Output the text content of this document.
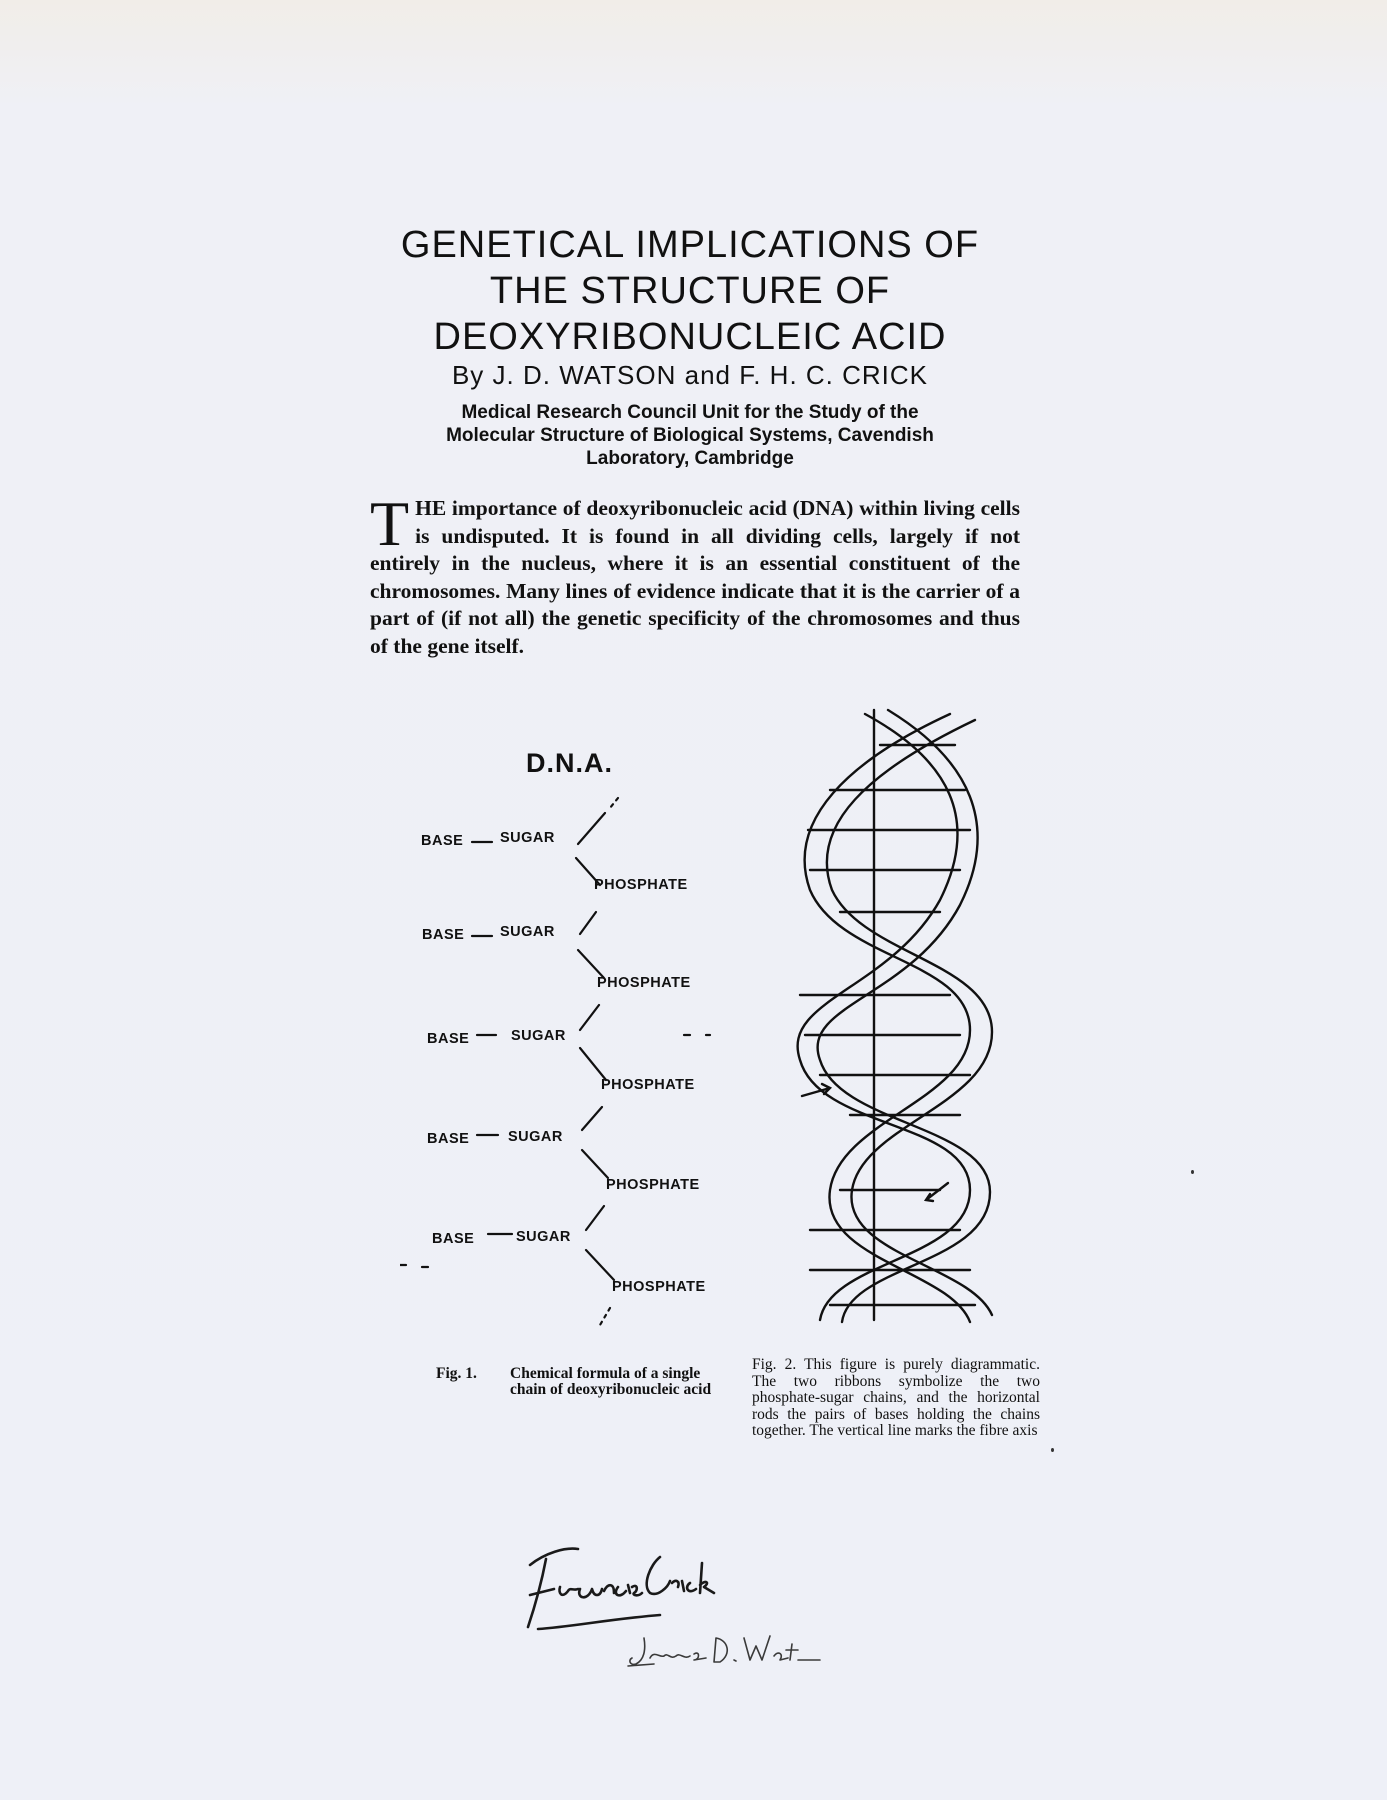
GENETICAL IMPLICATIONS OF
THE STRUCTURE OF
DEOXYRIBONUCLEIC ACID
By J. D. WATSON and F. H. C. CRICK
Medical Research Council Unit for the Study of the
Molecular Structure of Biological Systems, Cavendish
Laboratory, Cambridge
T HE importance of deoxyribonucleic acid (DNA) within living cells is undisputed. It is found in all dividing cells, largely if not entirely in the nucleus, where it is an essential constituent of the chromosomes. Many lines of evidence indicate that it is the carrier of a part of (if not all) the genetic specificity of the chromosomes and thus of the gene itself.
D.N.A.
BASE	SUGAR
PHOSPHATE
BASE SUGAR
PHOSPHATE
BASE	SUGAR
PHOSPHATE
BASE	SUGAR
PHOSPHATE
BASE	SUGAR
PHOSPHATE
Fig. 1.	Chemical formula of a single chain of deoxyribonucleic acid
Fig. 2. This figure is purely diagrammatic. The two ribbons symbolize the two phosphate-sugar chains, and the horizontal rods the pairs of bases holding the chains together. The vertical line marks the fibre axis
